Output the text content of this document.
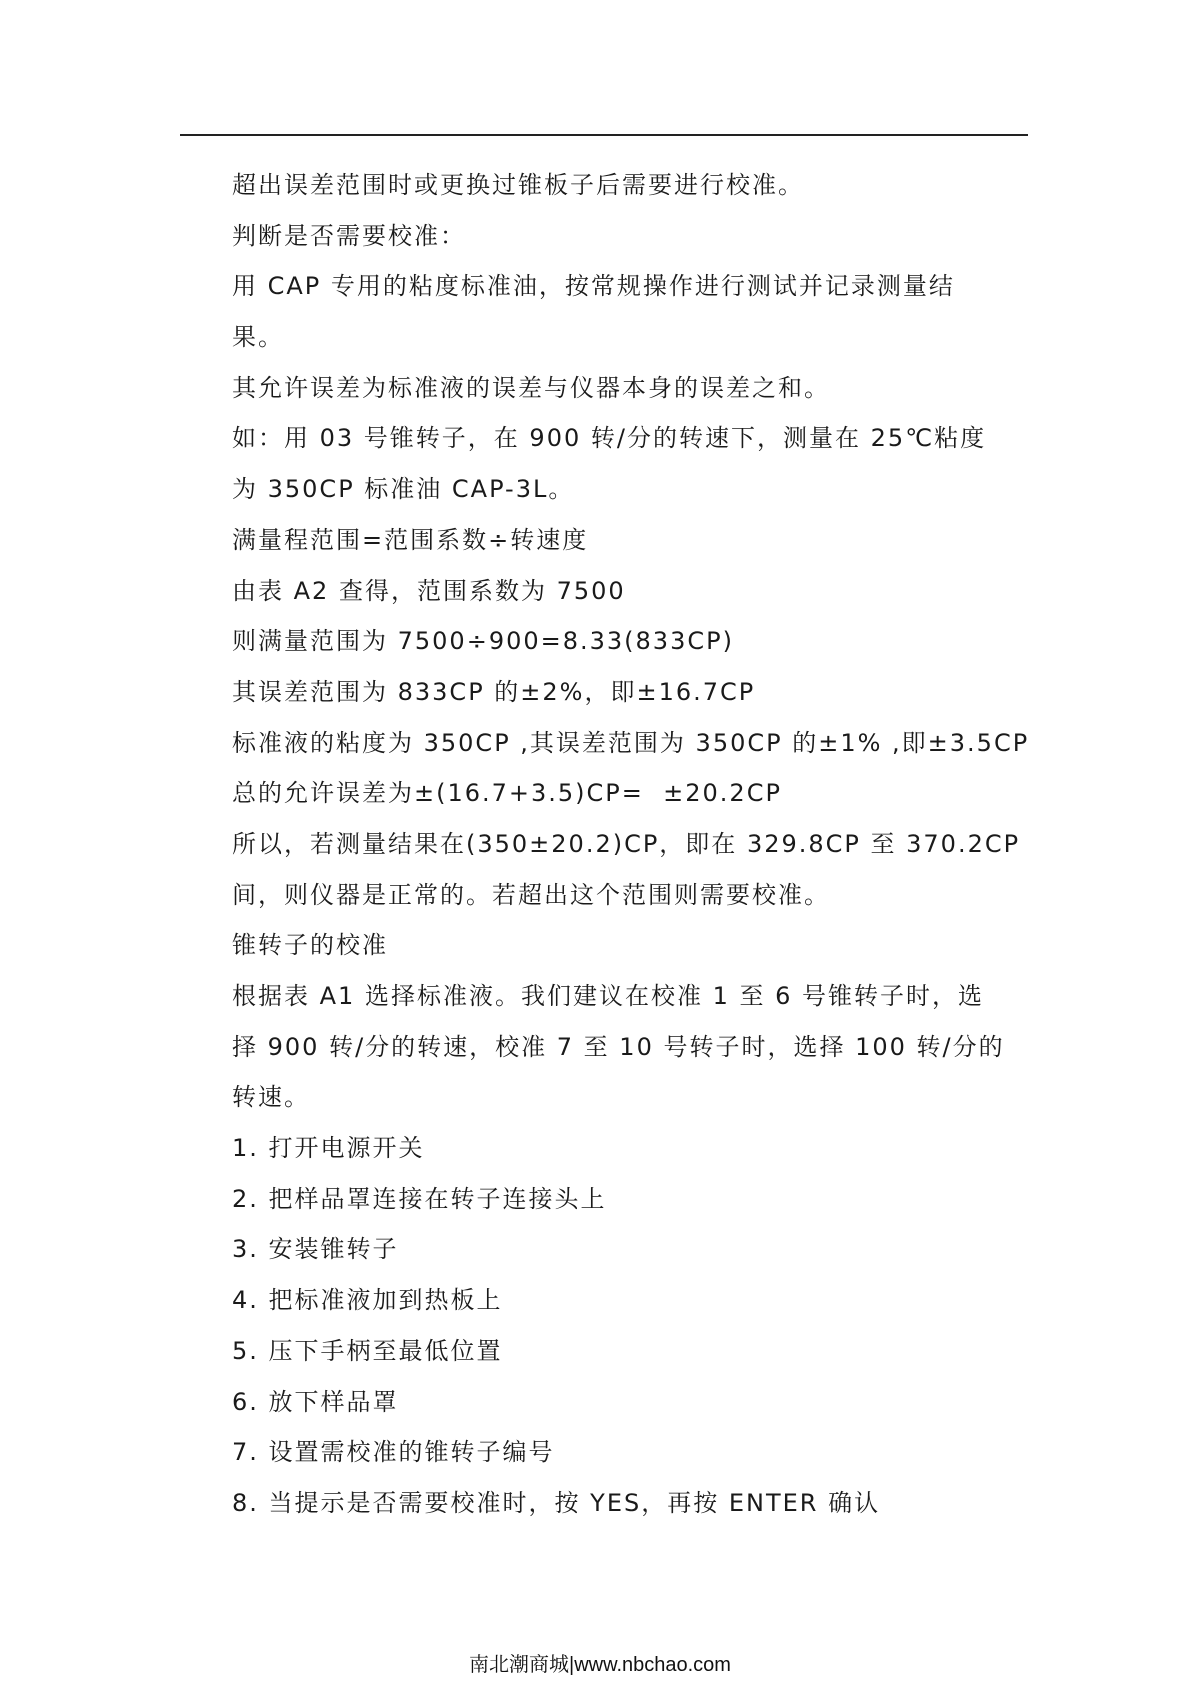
超出误差范围时或更换过锥板子后需要进行校准。
判断是否需要校准：
用 CAP 专用的粘度标准油，按常规操作进行测试并记录测量结
果。
其允许误差为标准液的误差与仪器本身的误差之和。
如：用 03 号锥转子，在 900 转/分的转速下，测量在 25℃粘度
为 350CP 标准油 CAP-3L。
满量程范围=范围系数÷转速度
由表 A2 查得，范围系数为 7500
则满量范围为 7500÷900=8.33(833CP)
其误差范围为 833CP 的±2%，即±16.7CP
标准液的粘度为 350CP ,其误差范围为 350CP 的±1% ,即±3.5CP
总的允许误差为±(16.7+3.5)CP=  ±20.2CP
所以，若测量结果在(350±20.2)CP，即在 329.8CP 至 370.2CP
间，则仪器是正常的。若超出这个范围则需要校准。
锥转子的校准
根据表 A1 选择标准液。我们建议在校准 1 至 6 号锥转子时，选
择 900 转/分的转速，校准 7 至 10 号转子时，选择 100 转/分的
转速。
1. 打开电源开关
2. 把样品罩连接在转子连接头上
3. 安装锥转子
4. 把标准液加到热板上
5. 压下手柄至最低位置
6. 放下样品罩
7. 设置需校准的锥转子编号
8. 当提示是否需要校准时，按 YES，再按 ENTER 确认
南北潮商城|www.nbchao.com
